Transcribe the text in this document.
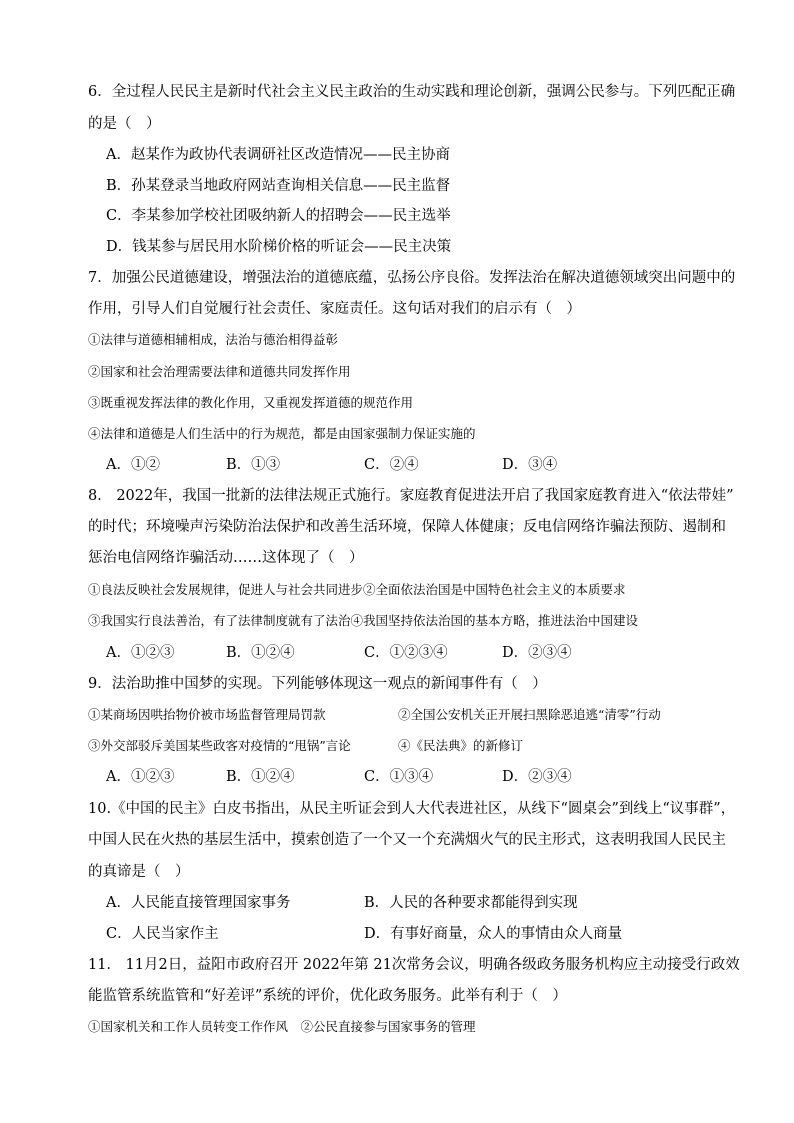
6．全过程人民民主是新时代社会主义民主政治的生动实践和理论创新，强调公民参与。下列匹配正确
的是（　）
A．赵某作为政协代表调研社区改造情况——民主协商
B．孙某登录当地政府网站查询相关信息——民主监督
C．李某参加学校社团吸纳新人的招聘会——民主选举
D．钱某参与居民用水阶梯价格的听证会——民主决策
7．加强公民道德建设，增强法治的道德底蕴，弘扬公序良俗。发挥法治在解决道德领域突出问题中的
作用，引导人们自觉履行社会责任、家庭责任。这句话对我们的启示有（　）
①法律与道德相辅相成，法治与德治相得益彰
②国家和社会治理需要法律和道德共同发挥作用
③既重视发挥法律的教化作用，又重视发挥道德的规范作用
④法律和道德是人们生活中的行为规范，都是由国家强制力保证实施的
A．①②	B．①③	C．②④	D．③④
8． 2022年，我国一批新的法律法规正式施行。家庭教育促进法开启了我国家庭教育进入“依法带娃”
的时代；环境噪声污染防治法保护和改善生活环境，保障人体健康；反电信网络诈骗法预防、遏制和
惩治电信网络诈骗活动……这体现了（　）
①良法反映社会发展规律，促进人与社会共同进步②全面依法治国是中国特色社会主义的本质要求
③我国实行良法善治，有了法律制度就有了法治④我国坚持依法治国的基本方略，推进法治中国建设
A．①②③	B．①②④	C．①②③④	D．②③④
9．法治助推中国梦的实现。下列能够体现这一观点的新闻事件有（　）
①某商场因哄抬物价被市场监督管理局罚款	②全国公安机关正开展扫黑除恶追逃“清零”行动
③外交部驳斥美国某些政客对疫情的“甩锅”言论	④《民法典》的新修订
A．①②③	B．①②④	C．①③④	D．②③④
10.《中国的民主》白皮书指出，从民主听证会到人大代表进社区，从线下“圆桌会”到线上“议事群”，
中国人民在火热的基层生活中，摸索创造了一个又一个充满烟火气的民主形式，这表明我国人民民主
的真谛是（　）
A．人民能直接管理国家事务	B．人民的各种要求都能得到实现
C．人民当家作主	D．有事好商量，众人的事情由众人商量
11． 11月2日，益阳市政府召开 2022年第 21次常务会议，明确各级政务服务机构应主动接受行政效
能监管系统监管和“好差评”系统的评价，优化政务服务。此举有利于（　）
①国家机关和工作人员转变工作作风　②公民直接参与国家事务的管理
